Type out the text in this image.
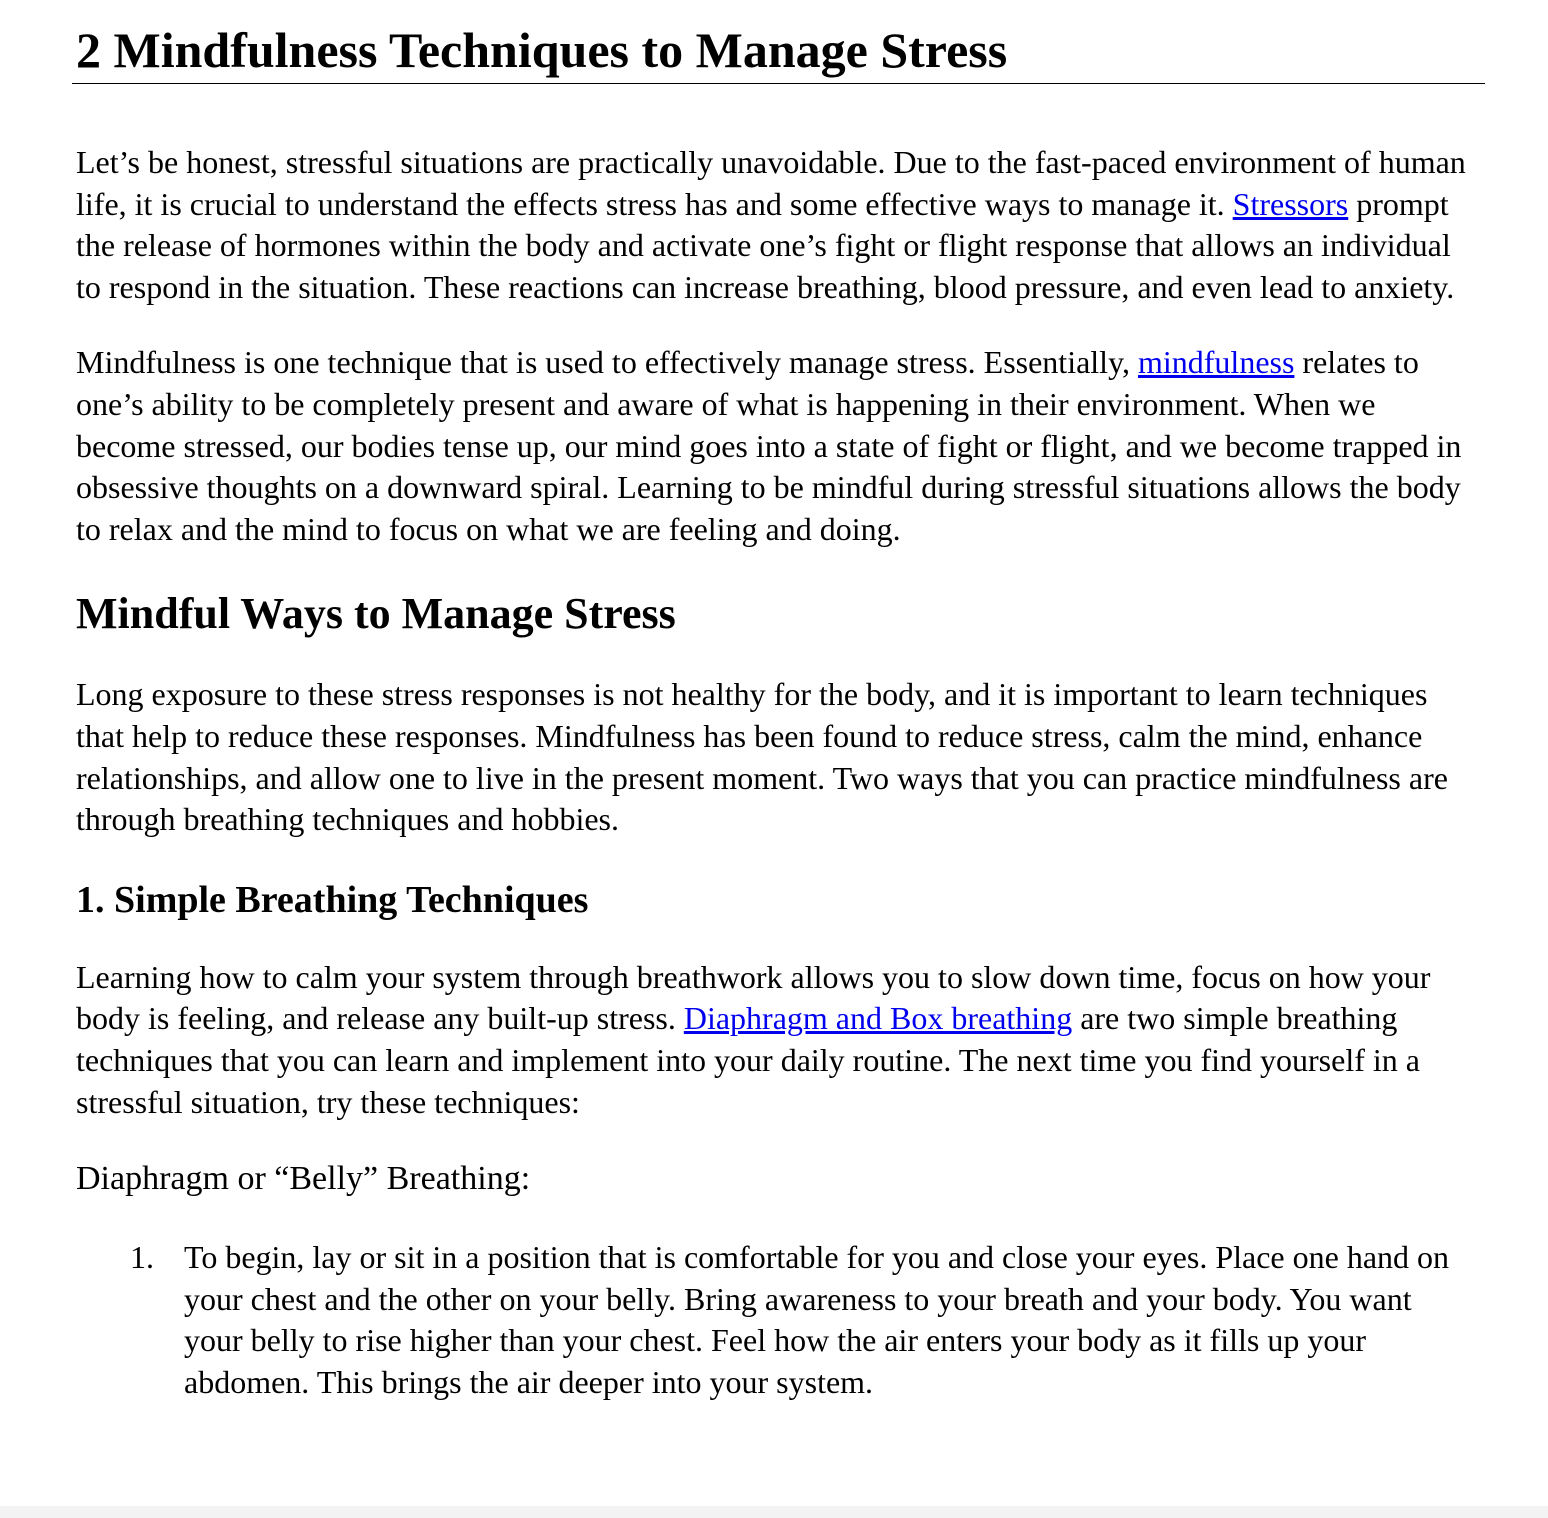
2 Mindfulness Techniques to Manage Stress

Let’s be honest, stressful situations are practically unavoidable. Due to the fast-paced environment of human life, it is crucial to understand the effects stress has and some effective ways to manage it. Stressors prompt the release of hormones within the body and activate one’s fight or flight response that allows an individual to respond in the situation. These reactions can increase breathing, blood pressure, and even lead to anxiety.

Mindfulness is one technique that is used to effectively manage stress. Essentially, mindfulness relates to one’s ability to be completely present and aware of what is happening in their environment. When we become stressed, our bodies tense up, our mind goes into a state of fight or flight, and we become trapped in obsessive thoughts on a downward spiral. Learning to be mindful during stressful situations allows the body to relax and the mind to focus on what we are feeling and doing.

Mindful Ways to Manage Stress

Long exposure to these stress responses is not healthy for the body, and it is important to learn techniques that help to reduce these responses. Mindfulness has been found to reduce stress, calm the mind, enhance relationships, and allow one to live in the present moment. Two ways that you can practice mindfulness are through breathing techniques and hobbies.

1. Simple Breathing Techniques

Learning how to calm your system through breathwork allows you to slow down time, focus on how your body is feeling, and release any built-up stress. Diaphragm and Box breathing are two simple breathing techniques that you can learn and implement into your daily routine. The next time you find yourself in a stressful situation, try these techniques:

Diaphragm or “Belly” Breathing:

1. To begin, lay or sit in a position that is comfortable for you and close your eyes. Place one hand on your chest and the other on your belly. Bring awareness to your breath and your body. You want your belly to rise higher than your chest. Feel how the air enters your body as it fills up your abdomen. This brings the air deeper into your system.
